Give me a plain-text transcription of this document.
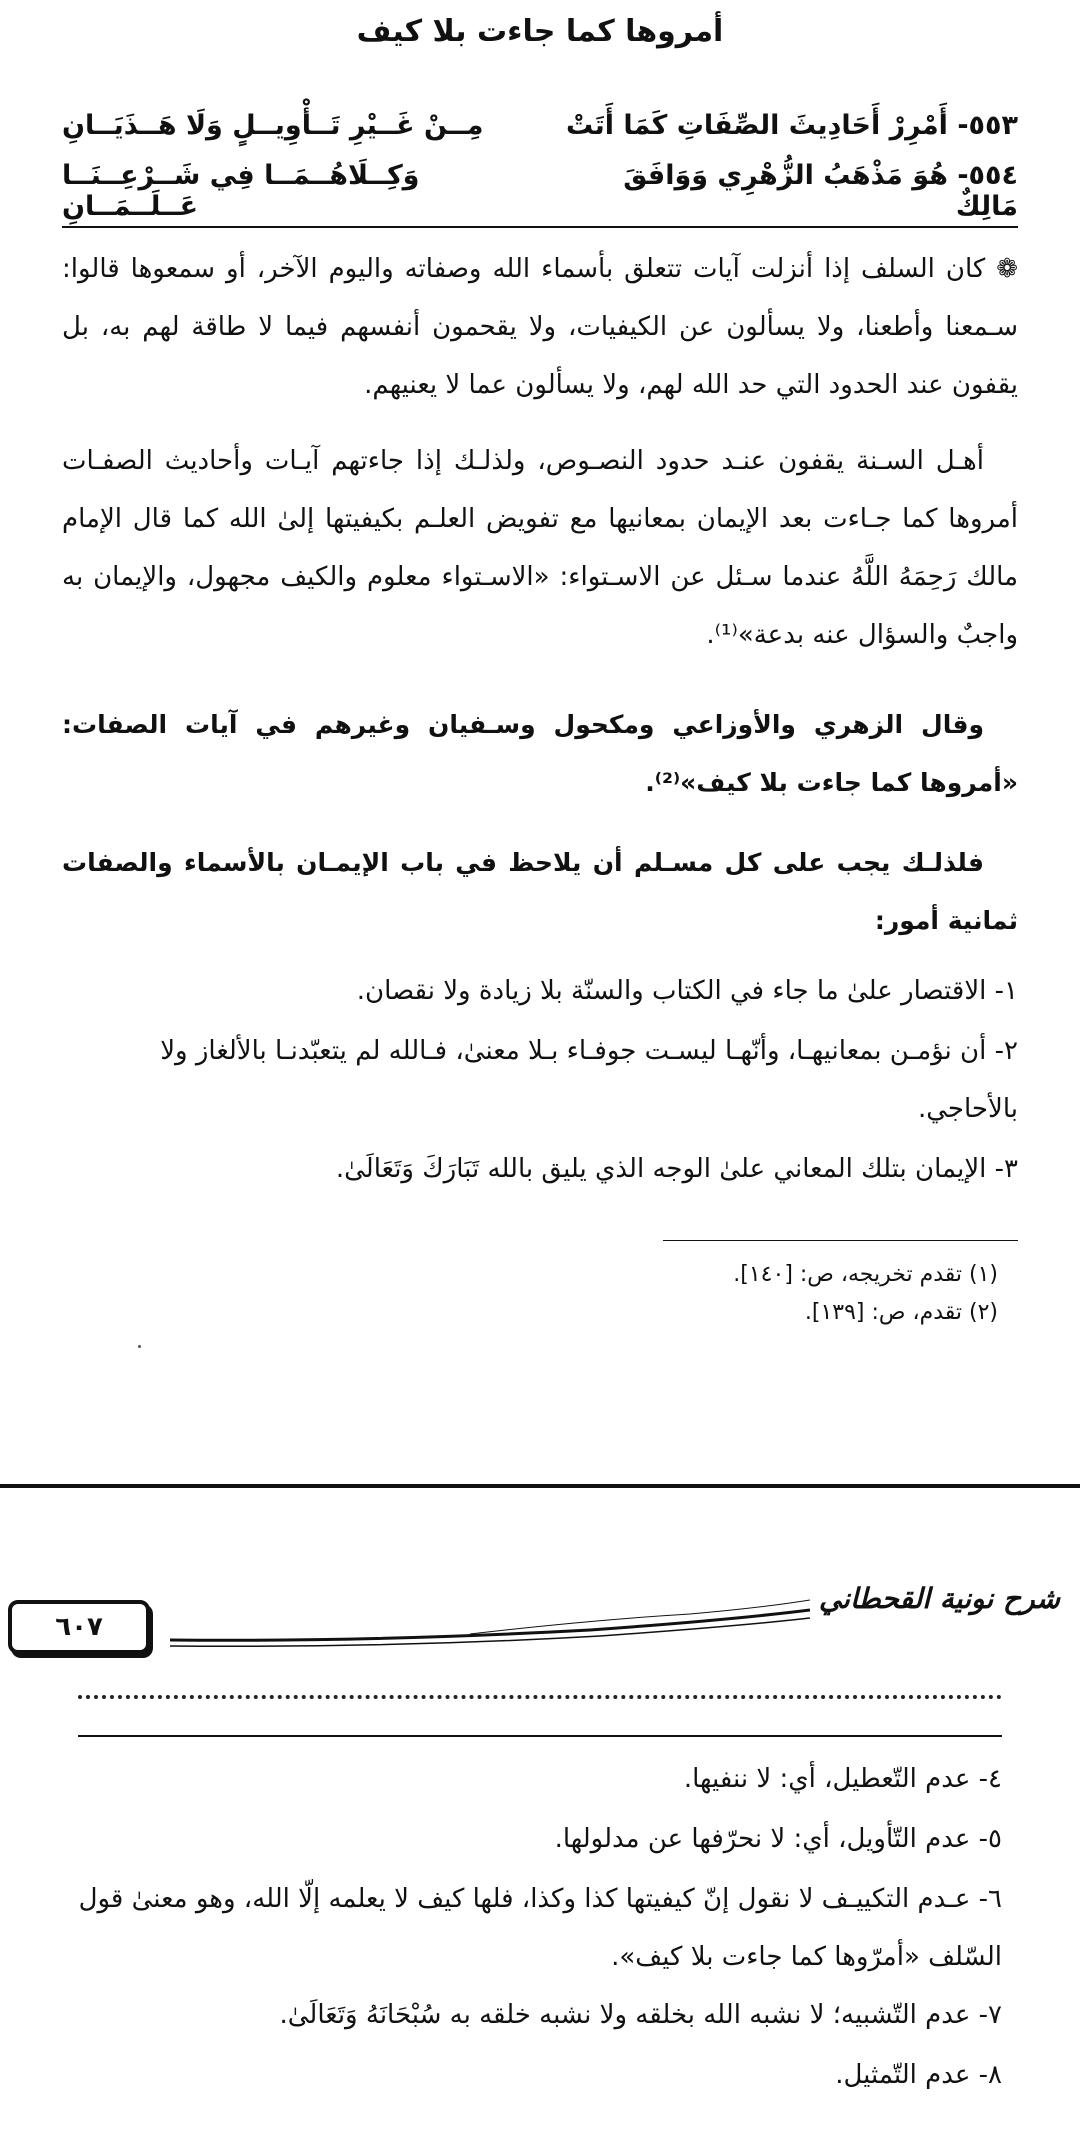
أمروها كما جاءت بلا كيف
٥٥٣- أَمْرِرْ أَحَادِيثَ الصِّفَاتِ كَمَا أَتَتْ
مِــنْ غَــيْرِ تَــأْوِيــلٍ وَلَا هَــذَيَــانِ
٥٥٤- هُوَ مَذْهَبُ الزُّهْرِي وَوَافَقَ مَالِكٌ
وَكِــلَاهُــمَــا فِي شَــرْعِــنَــا عَــلَــمَــانِ
❁ كان السلف إذا أنزلت آيات تتعلق بأسماء الله وصفاته واليوم الآخر، أو سمعوها قالوا: سـمعنا وأطعنا، ولا يسألون عن الكيفيات، ولا يقحمون أنفسهم فيما لا طاقة لهم به، بل يقفون عند الحدود التي حد الله لهم، ولا يسألون عما لا يعنيهم.
أهـل السـنة يقفون عنـد حدود النصـوص، ولذلـك إذا جاءتهم آيـات وأحاديث الصفـات أمروها كما جـاءت بعد الإيمان بمعانيها مع تفويض العلـم بكيفيتها إلىٰ الله كما قال الإمام مالك رَحِمَهُ اللَّهُ عندما سـئل عن الاسـتواء: «الاسـتواء معلوم والكيف مجهول، والإيمان به واجبٌ والسؤال عنه بدعة»⁽¹⁾.
وقال الزهري والأوزاعي ومكحول وسـفيان وغيرهم في آيات الصفات: «أمروها كما جاءت بلا كيف»⁽²⁾.
فلذلـك يجب على كل مسـلم أن يلاحظ في باب الإيمـان بالأسماء والصفات ثمانية أمور:
١- الاقتصار علىٰ ما جاء في الكتاب والسنّة بلا زيادة ولا نقصان.
٢- أن نؤمـن بمعانيهـا، وأنّهـا ليسـت جوفـاء بـلا معنىٰ، فـالله لم يتعبّدنـا بالألغاز ولا بالأحاجي.
٣- الإيمان بتلك المعاني علىٰ الوجه الذي يليق بالله تَبَارَكَ وَتَعَالَىٰ.
(١) تقدم تخريجه، ص: [١٤٠].
(٢) تقدم، ص: [١٣٩].
٦٠٧
شرح نونية القحطاني
٤- عدم التّعطيل، أي: لا ننفيها.
٥- عدم التّأويل، أي: لا نحرّفها عن مدلولها.
٦- عـدم التكييـف لا نقول إنّ كيفيتها كذا وكذا، فلها كيف لا يعلمه إلّا الله، وهو معنىٰ قول السّلف «أمرّوها كما جاءت بلا كيف».
٧- عدم التّشبيه؛ لا نشبه الله بخلقه ولا نشبه خلقه به سُبْحَانَهُ وَتَعَالَىٰ.
٨- عدم التّمثيل.
